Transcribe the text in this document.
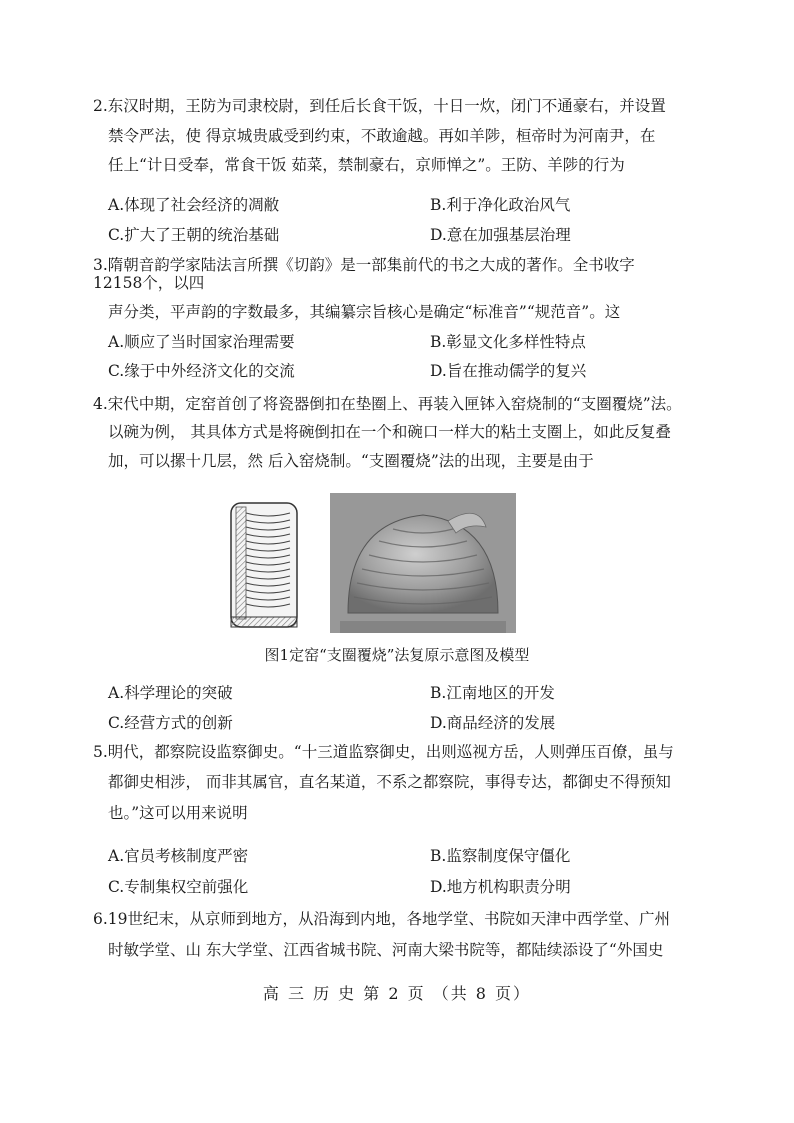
2.东汉时期，王防为司隶校尉，到任后长食干饭，十日一炊，闭门不通豪右，并设置
禁令严法，使 得京城贵戚受到约束，不敢逾越。再如羊陟，桓帝时为河南尹，在
任上“计日受奉，常食干饭 茹菜，禁制豪右，京师惮之”。王防、羊陟的行为
A.体现了社会经济的凋敝	B.利于净化政治风气
C.扩大了王朝的统治基础	D.意在加强基层治理
3.隋朝音韵学家陆法言所撰《切韵》是一部集前代的书之大成的著作。全书收字
12158个，以四
声分类，平声韵的字数最多，其编纂宗旨核心是确定“标准音”“规范音”。这
A.顺应了当时国家治理需要	B.彰显文化多样性特点
C.缘于中外经济文化的交流	D.旨在推动儒学的复兴
4.宋代中期，定窑首创了将瓷器倒扣在垫圈上、再装入匣钵入窑烧制的“支圈覆烧”法。
以碗为例， 其具体方式是将碗倒扣在一个和碗口一样大的粘土支圈上，如此反复叠
加，可以摞十几层，然 后入窑烧制。“支圈覆烧”法的出现，主要是由于
图1定窑“支圈覆烧”法复原示意图及模型
A.科学理论的突破	B.江南地区的开发
C.经营方式的创新	D.商品经济的发展
5.明代，都察院设监察御史。“十三道监察御史，出则巡视方岳，人则弹压百僚，虽与
都御史相涉， 而非其属官，直名某道，不系之都察院，事得专达，都御史不得预知
也。”这可以用来说明
A.官员考核制度严密	B.监察制度保守僵化
C.专制集权空前强化	D.地方机构职责分明
6.19世纪末，从京师到地方，从沿海到内地，各地学堂、书院如天津中西学堂、广州
时敏学堂、山 东大学堂、江西省城书院、河南大梁书院等，都陆续添设了“外国史
高 三 历 史 第 2 页 （共 8 页）
